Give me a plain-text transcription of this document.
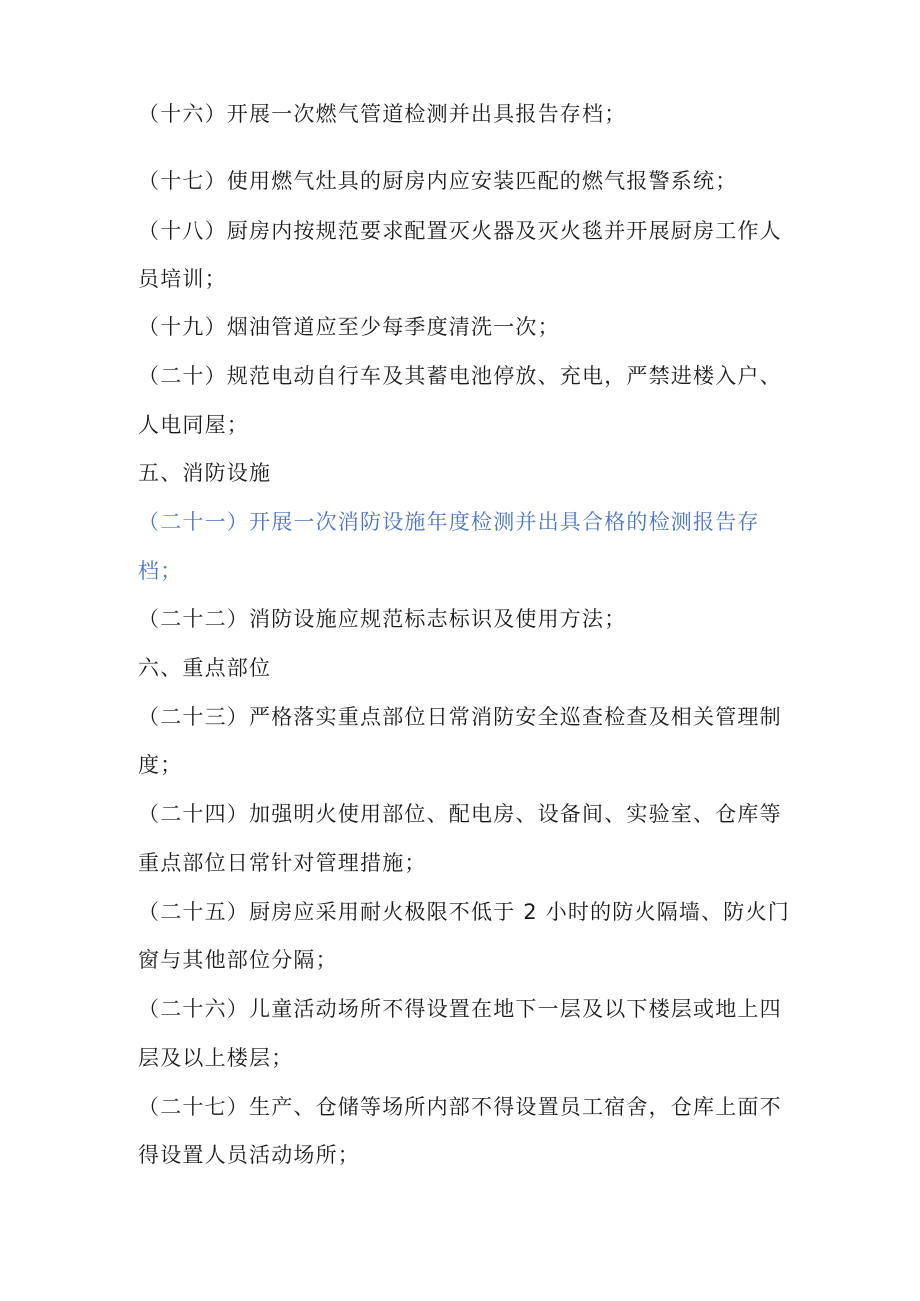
（十六）开展一次燃气管道检测并出具报告存档；
（十七）使用燃气灶具的厨房内应安装匹配的燃气报警系统；
（十八）厨房内按规范要求配置灭火器及灭火毯并开展厨房工作人
员培训；
（十九）烟油管道应至少每季度清洗一次；
（二十）规范电动自行车及其蓄电池停放、充电，严禁进楼入户、
人电同屋；
五、消防设施
（二十一）开展一次消防设施年度检测并出具合格的检测报告存
档；
（二十二）消防设施应规范标志标识及使用方法；
六、重点部位
（二十三）严格落实重点部位日常消防安全巡查检查及相关管理制
度；
（二十四）加强明火使用部位、配电房、设备间、实验室、仓库等
重点部位日常针对管理措施；
（二十五）厨房应采用耐火极限不低于 2 小时的防火隔墙、防火门
窗与其他部位分隔；
（二十六）儿童活动场所不得设置在地下一层及以下楼层或地上四
层及以上楼层；
（二十七）生产、仓储等场所内部不得设置员工宿舍，仓库上面不
得设置人员活动场所；
